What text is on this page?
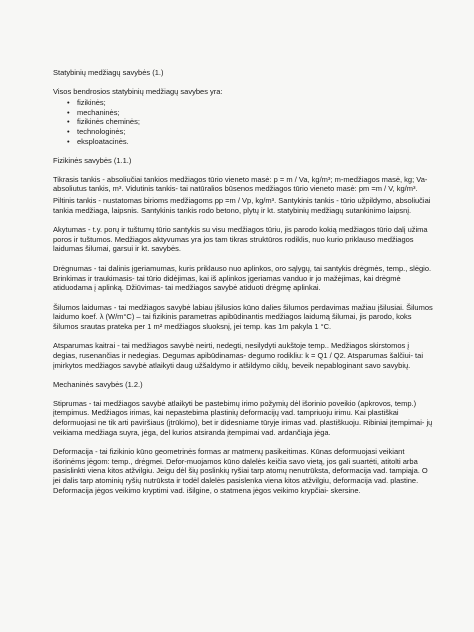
Statybinių medžiagų savybės (1.)

Visos bendrosios statybinių medžiagų savybes yra:

• fizikinės;
• mechaninės;
• fizikinės cheminės;
• technologinės;
• eksploatacinės.

Fizikinės savybės (1.1.)

Tikrasis tankis - absoliučiai tankios medžiagos tūrio vieneto masė: p = m / Va, kg/m³; m-medžiagos masė, kg; Va- absoliutus tankis, m³. Vidutinis tankis- tai natūralios būsenos medžiagos tūrio vieneto masė: pm =m / V, kg/m³.

Piltinis tankis - nustatomas birioms medžiagoms pp =m / Vp, kg/m³. Santykinis tankis - tūrio užpildymo, absoliučiai tankia medžiaga, laipsnis. Santykinis tankis rodo betono, plytų ir kt. statybinių medžiagų sutankinimo laipsnį.

Akytumas - t.y. porų ir tuštumų tūrio santykis su visu medžiagos tūriu, jis parodo kokią medžiagos tūrio dalį užima poros ir tuštumos. Medžiagos aktyvumas yra jos tam tikras struktūros rodiklis, nuo kurio priklauso medžiagos laidumas šilumai, garsui ir kt. savybės.

Drėgnumas - tai dalinis įgeriamumas, kuris priklauso nuo aplinkos, oro sąlygų, tai santykis drėgmės, temp., slėgio. Brinkimas ir traukimasis- tai tūrio didėjimas, kai iš aplinkos įgeriamas vanduo ir jo mažėjimas, kai drėgmė atiduodama į aplinką. Džiūvimas- tai medžiagos savybė atiduoti drėgmę aplinkai.

Šilumos laidumas - tai medžiagos savybė labiau įšilusios kūno dalies šilumos perdavimas mažiau įšilusiai. Šilumos laidumo koef. λ (W/m°C) – tai fizikinis parametras apibūdinantis medžiagos laidumą šilumai, jis parodo, koks šilumos srautas prateka per 1 m² medžiagos sluoksnį, jei temp. kas 1m pakyla 1 °C.

Atsparumas kaitrai - tai medžiagos savybė neirti, nedegti, nesilydyti aukštoje temp.. Medžiagos skirstomos į degias, rusenančias ir nedegias. Degumas apibūdinamas- degumo rodikliu: k = Q1 / Q2. Atsparumas šalčiui- tai įmirkytos medžiagos savybė atlaikyti daug užšaldymo ir atšildymo ciklų, beveik nepabloginant savo savybių.

Mechaninės savybės (1.2.)

Stiprumas - tai medžiagos savybė atlaikyti be pastebimų irimo požymių dėl išorinio poveikio (apkrovos, temp.) įtempimus. Medžiagos irimas, kai nepastebima plastinių deformacijų vad. tampriuoju irimu. Kai plastiškai deformuojasi ne tik arti paviršiaus (įtrūkimo), bet ir didesniame tūryje irimas vad. plastiškuoju. Ribiniai įtempimai- jų veikiama medžiaga suyra, jėga, del kurios atsiranda įtempimai vad. ardančiąja jėga.

Deformacija - tai fizikinio kūno geometrinės formas ar matmenų pasikeitimas. Kūnas deformuojasi veikiant išorinėms jėgom: temp., drėgmei. Defor-muojamos kūno dalelės keičia savo vietą, jos gali suartėti, atitolti arba pasislinkti viena kitos atžvilgiu. Jeigu dėl šių poslinkių ryšiai tarp atomų nenutrūksta, deformacija vad. tampiąja. O jei dalis tarp atominių ryšių nutrūksta ir todėl dalelės pasislenka viena kitos atžvilgiu, deformacija vad. plastine. Deformacija jėgos veikimo kryptimi vad. išilgine, o statmena jėgos veikimo krypčiai- skersine.
